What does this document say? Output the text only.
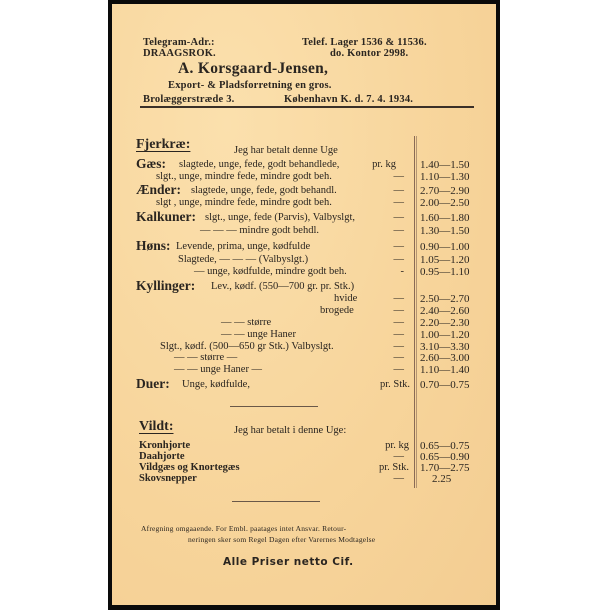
Telegram-Adr.:
DRAAGSROK.
Telef. Lager 1536 & 11536.
do. Kontor 2998.
A. Korsgaard-Jensen,
Export- & Pladsforretning en gros.
Brolæggerstræde 3.	København K. d. 7. 4. 1934.
Fjerkræ:	Jeg har betalt denne Uge
Gæs: slagtede, unge, fede, godt behandlede,	pr. kg 1.40—1.50
slgt., unge, mindre fede, mindre godt beh.	— 1.10—1.30
Ænder: slagtede, unge, fede, godt behandl.	— 2.70—2.90
slgt , unge, mindre fede, mindre godt beh.	— 2.00—2.50
Kalkuner: slgt., unge, fede (Parvis), Valbyslgt,	— 1.60—1.80
— — — mindre godt behdl.	— 1.30—1.50
Høns: Levende, prima, unge, kødfulde	— 0.90—1.00
Slagtede, — — — (Valbyslgt.)	— 1.05—1.20
— unge, kødfulde, mindre godt beh.	- 0.95—1.10
Kyllinger: Lev., kødf. (550—700 gr. pr. Stk.)
hvide	— 2.50—2.70
brogede	— 2.40—2.60
— — større	— 2.20—2.30
— — unge Haner	— 1.00—1.20
Slgt., kødf. (500—650 gr Stk.) Valbyslgt.	— 3.10—3.30
— — større —	— 2.60—3.00
— — unge Haner —	— 1.10—1.40
Duer: Unge, kødfulde,	pr. Stk. 0.70—0.75
Vildt:	Jeg har betalt i denne Uge:
Kronhjorte	pr. kg 0.65—0.75
Daahjorte	— 0.65—0.90
Vildgæs og Knortegæs	pr. Stk. 1.70—2.75
Skovsnepper	—	2.25
Afregning omgaaende. For Embl. paatages intet Ansvar. Retour-
neringen sker som Regel Dagen efter Varernes Modtagelse
Alle Priser netto Cif.
